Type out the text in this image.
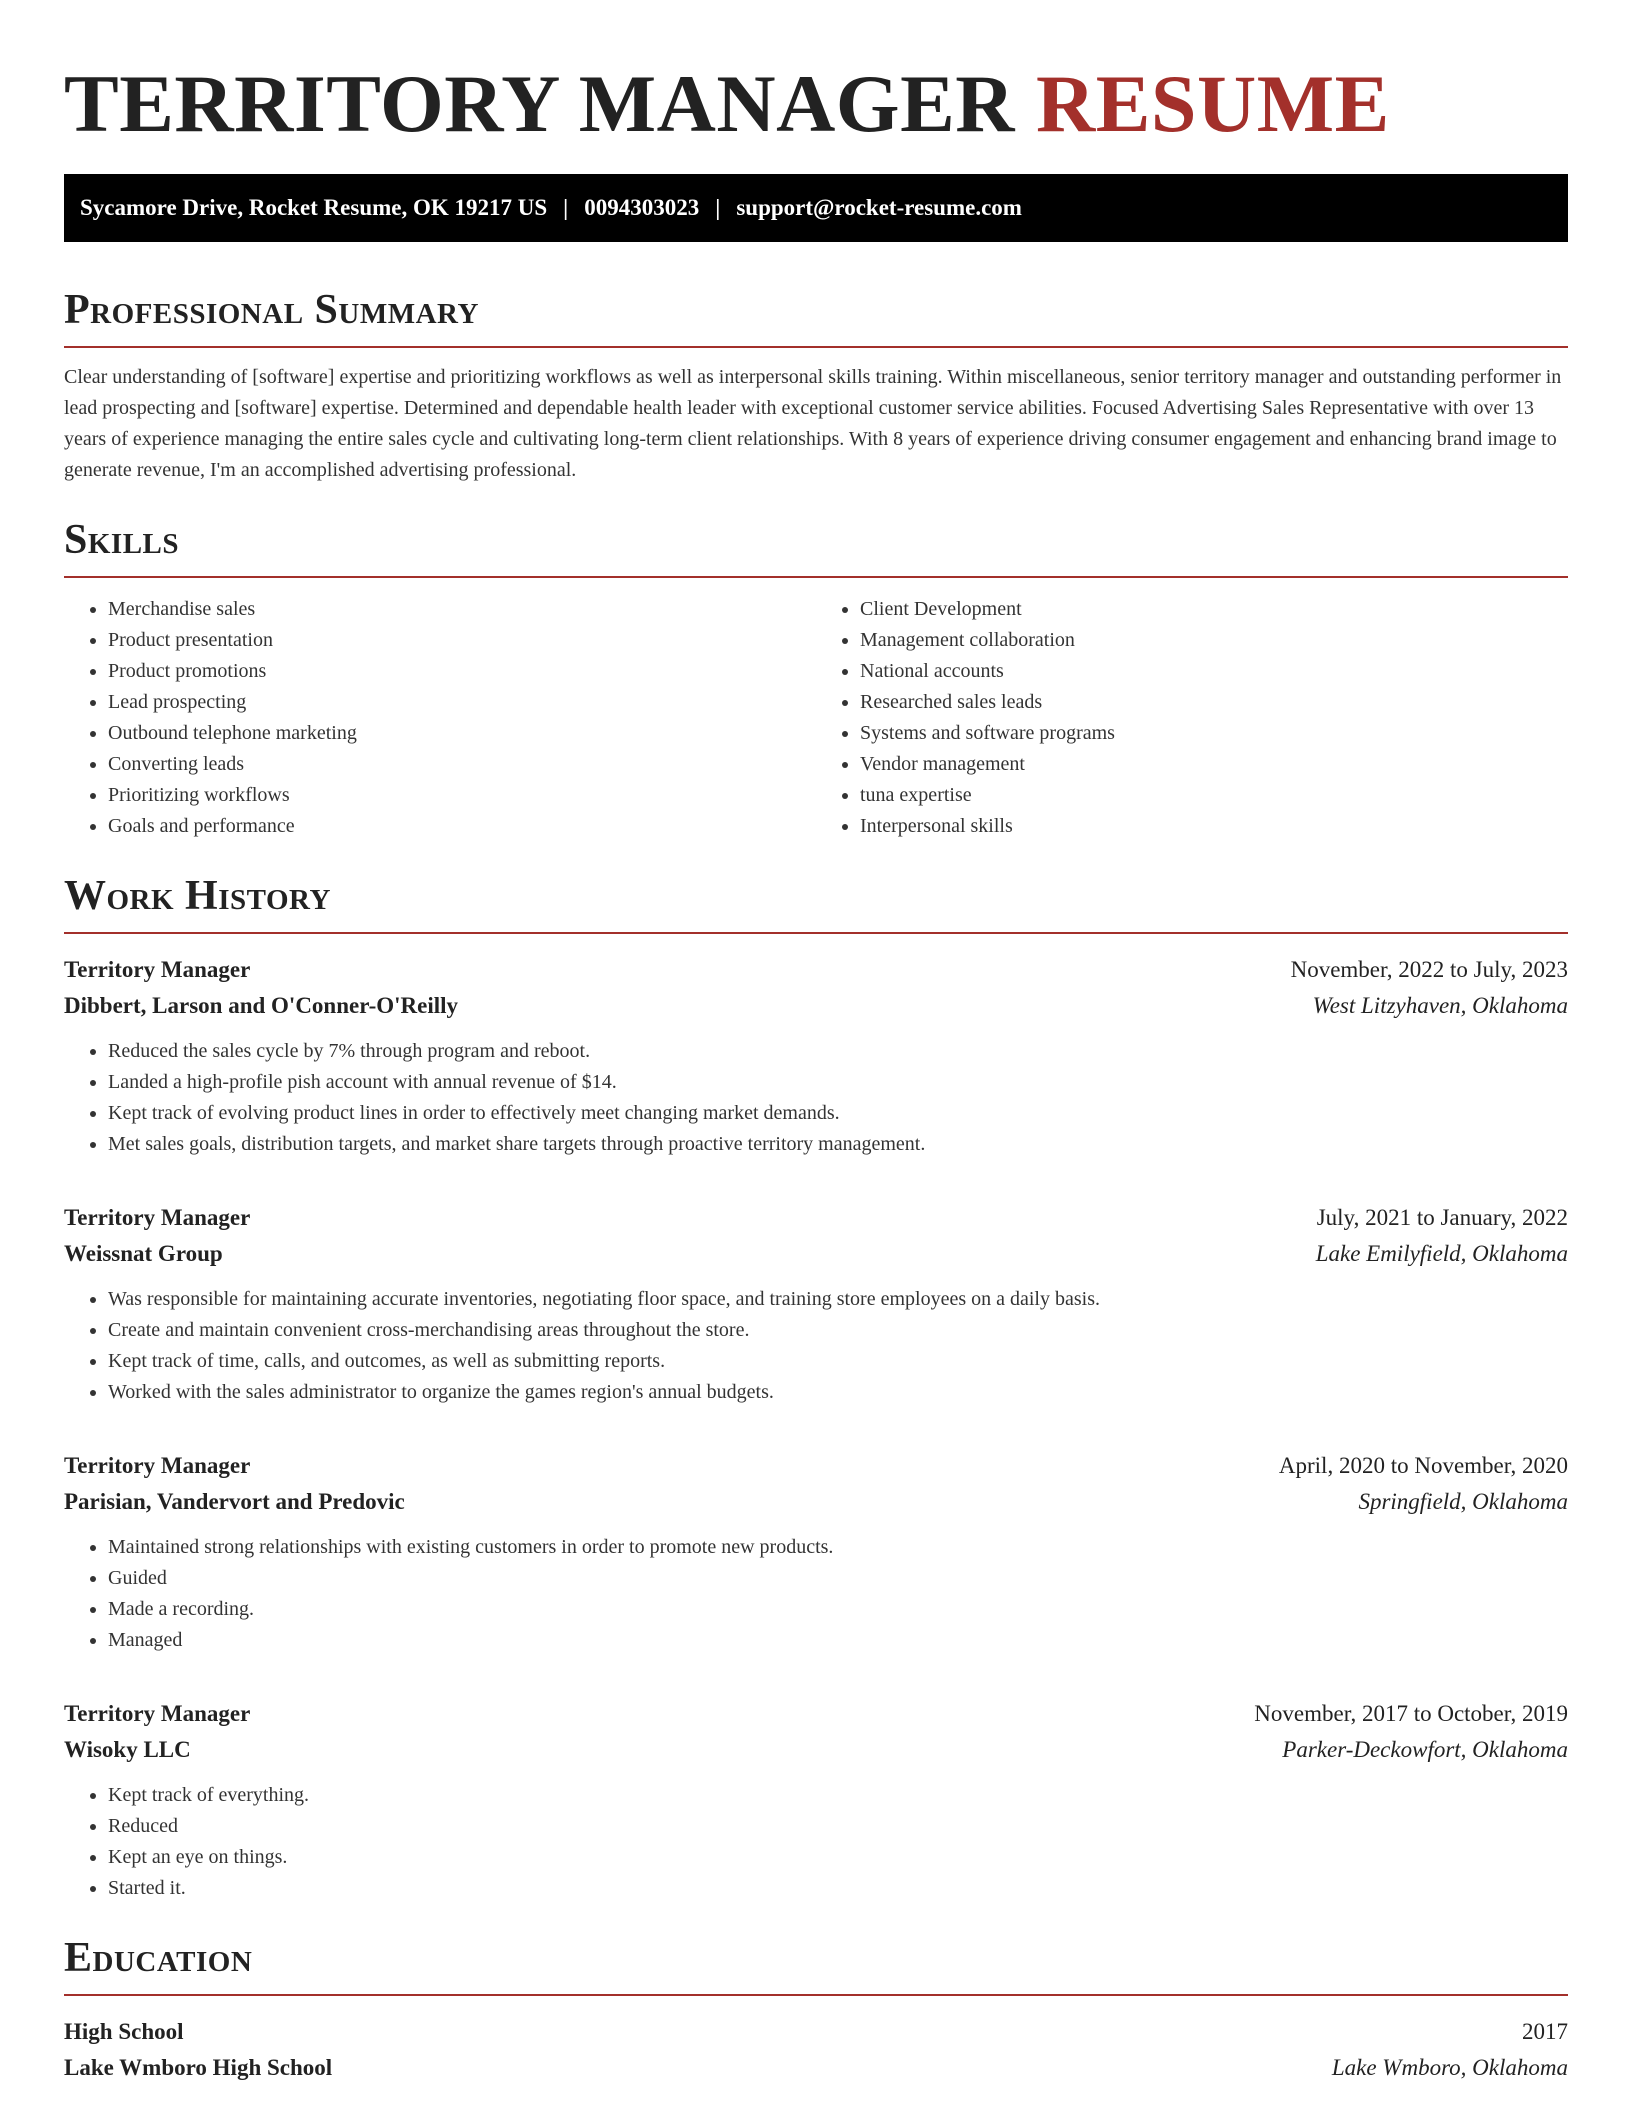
TERRITORY MANAGER RESUME
Sycamore Drive, Rocket Resume, OK 19217 US | 0094303023 | support@rocket-resume.com
Professional Summary

Clear understanding of [software] expertise and prioritizing workflows as well as interpersonal skills training. Within miscellaneous, senior territory manager and outstanding performer in lead prospecting and [software] expertise. Determined and dependable health leader with exceptional customer service abilities. Focused Advertising Sales Representative with over 13 years of experience managing the entire sales cycle and cultivating long-term client relationships. With 8 years of experience driving consumer engagement and enhancing brand image to generate revenue, I'm an accomplished advertising professional.

Skills
• Merchandise sales
• Product presentation
• Product promotions
• Lead prospecting
• Outbound telephone marketing
• Converting leads
• Prioritizing workflows
• Goals and performance
• Client Development
• Management collaboration
• National accounts
• Researched sales leads
• Systems and software programs
• Vendor management
• tuna expertise
• Interpersonal skills
Work History
Territory Manager	November, 2022 to July, 2023
Dibbert, Larson and O'Conner-O'Reilly	West Litzyhaven, Oklahoma
• Reduced the sales cycle by 7% through program and reboot.
• Landed a high-profile pish account with annual revenue of $14.
• Kept track of evolving product lines in order to effectively meet changing market demands.
• Met sales goals, distribution targets, and market share targets through proactive territory management.
Territory Manager	July, 2021 to January, 2022
Weissnat Group	Lake Emilyfield, Oklahoma
• Was responsible for maintaining accurate inventories, negotiating floor space, and training store employees on a daily basis.
• Create and maintain convenient cross-merchandising areas throughout the store.
• Kept track of time, calls, and outcomes, as well as submitting reports.
• Worked with the sales administrator to organize the games region's annual budgets.
Territory Manager	April, 2020 to November, 2020
Parisian, Vandervort and Predovic	Springfield, Oklahoma
• Maintained strong relationships with existing customers in order to promote new products.
• Guided
• Made a recording.
• Managed
Territory Manager	November, 2017 to October, 2019
Wisoky LLC	Parker-Deckowfort, Oklahoma
• Kept track of everything.
• Reduced
• Kept an eye on things.
• Started it.
Education
High School	2017
Lake Wmboro High School	Lake Wmboro, Oklahoma
